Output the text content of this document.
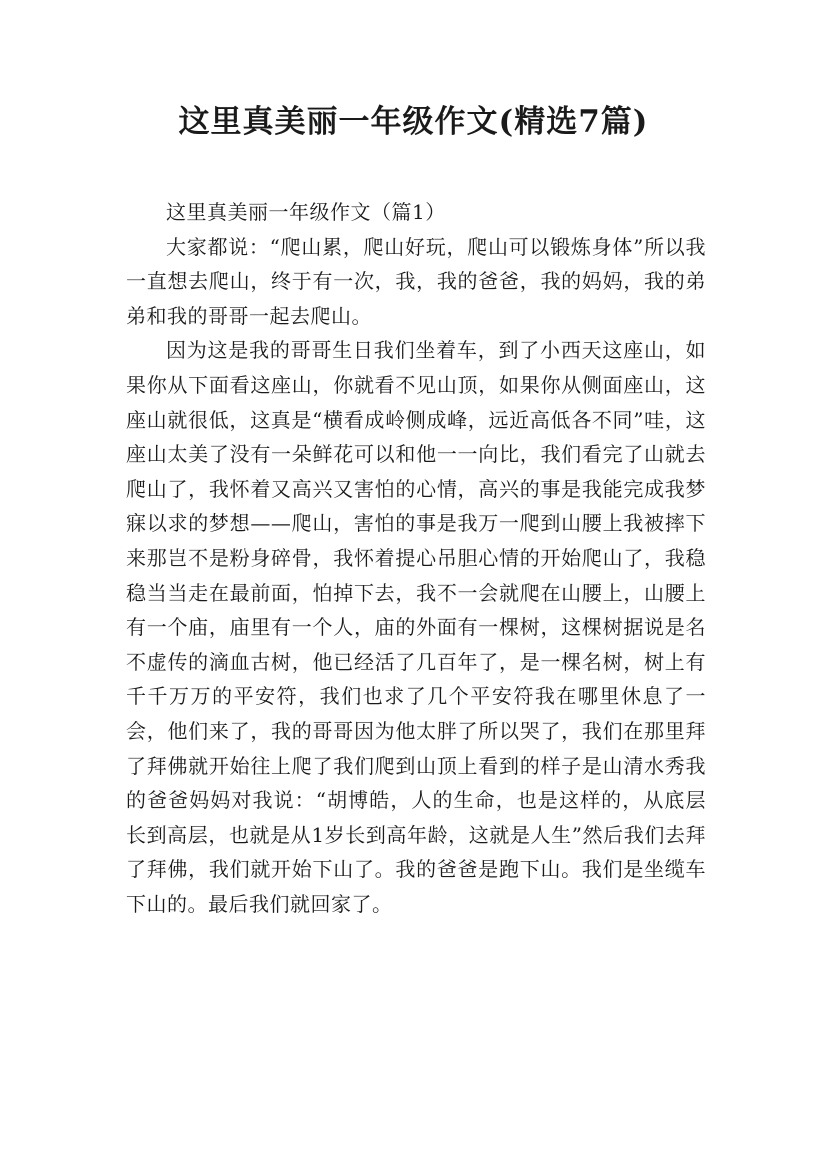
这里真美丽一年级作文(精选7篇)

这里真美丽一年级作文（篇1）

大家都说：“爬山累，爬山好玩，爬山可以锻炼身体”所以我一直想去爬山，终于有一次，我，我的爸爸，我的妈妈，我的弟弟和我的哥哥一起去爬山。

因为这是我的哥哥生日我们坐着车，到了小西天这座山，如果你从下面看这座山，你就看不见山顶，如果你从侧面座山，这座山就很低，这真是“横看成岭侧成峰，远近高低各不同”哇，这座山太美了没有一朵鲜花可以和他一一向比，我们看完了山就去爬山了，我怀着又高兴又害怕的心情，高兴的事是我能完成我梦寐以求的梦想——爬山，害怕的事是我万一爬到山腰上我被摔下来那岂不是粉身碎骨，我怀着提心吊胆心情的开始爬山了，我稳稳当当走在最前面，怕掉下去，我不一会就爬在山腰上，山腰上有一个庙，庙里有一个人，庙的外面有一棵树，这棵树据说是名不虚传的滴血古树，他已经活了几百年了，是一棵名树，树上有千千万万的平安符，我们也求了几个平安符我在哪里休息了一会，他们来了，我的哥哥因为他太胖了所以哭了，我们在那里拜了拜佛就开始往上爬了我们爬到山顶上看到的样子是山清水秀我的爸爸妈妈对我说：“胡博皓，人的生命，也是这样的，从底层长到高层，也就是从1岁长到高年龄，这就是人生”然后我们去拜了拜佛，我们就开始下山了。我的爸爸是跑下山。我们是坐缆车下山的。最后我们就回家了。
